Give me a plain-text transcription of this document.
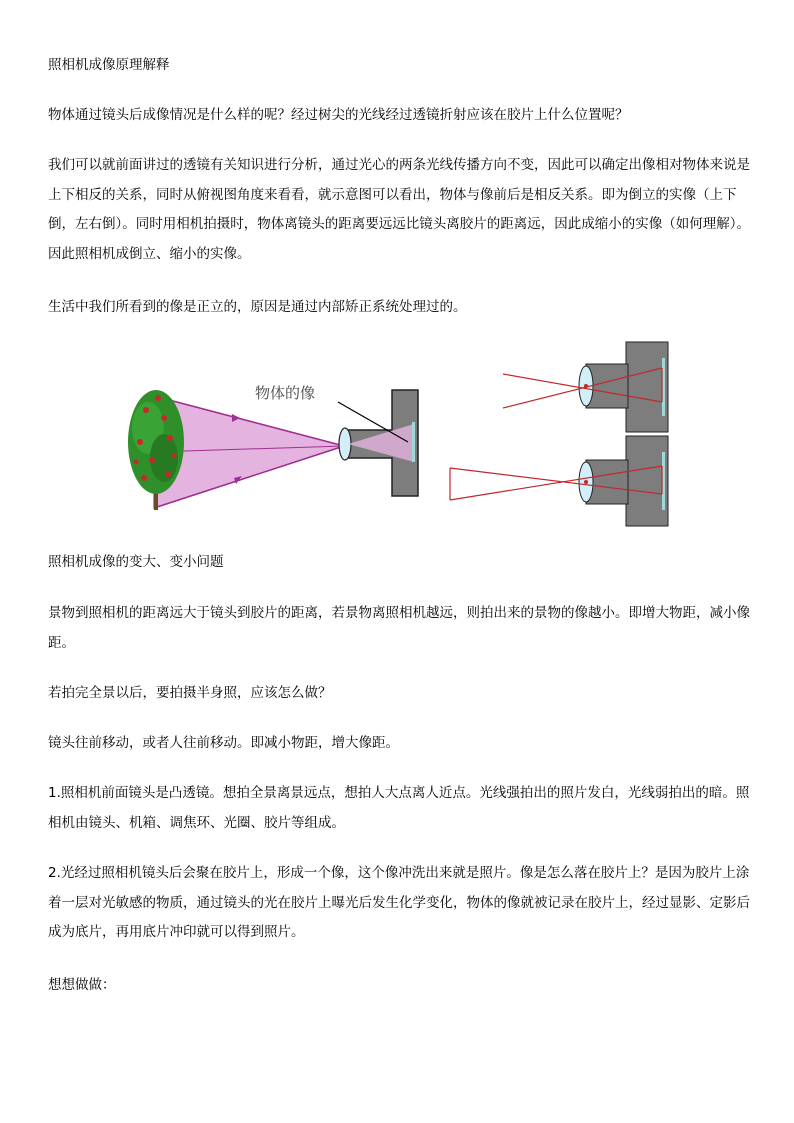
照相机成像原理解释

物体通过镜头后成像情况是什么样的呢？经过树尖的光线经过透镜折射应该在胶片上什么位置呢？

我们可以就前面讲过的透镜有关知识进行分析，通过光心的两条光线传播方向不变，因此可以确定出像相对物体来说是上下相反的关系，同时从俯视图角度来看看，就示意图可以看出，物体与像前后是相反关系。即为倒立的实像（上下倒，左右倒）。同时用相机拍摄时，物体离镜头的距离要远远比镜头离胶片的距离远，因此成缩小的实像（如何理解）。因此照相机成倒立、缩小的实像。

生活中我们所看到的像是正立的，原因是通过内部矫正系统处理过的。

物体的像

照相机成像的变大、变小问题

景物到照相机的距离远大于镜头到胶片的距离，若景物离照相机越远，则拍出来的景物的像越小。即增大物距，减小像距。

若拍完全景以后，要拍摄半身照，应该怎么做？

镜头往前移动，或者人往前移动。即减小物距，增大像距。

1.照相机前面镜头是凸透镜。想拍全景离景远点，想拍人大点离人近点。光线强拍出的照片发白，光线弱拍出的暗。照相机由镜头、机箱、调焦环、光圈、胶片等组成。

2.光经过照相机镜头后会聚在胶片上，形成一个像，这个像冲洗出来就是照片。像是怎么落在胶片上？是因为胶片上涂着一层对光敏感的物质，通过镜头的光在胶片上曝光后发生化学变化，物体的像就被记录在胶片上，经过显影、定影后成为底片，再用底片冲印就可以得到照片。

想想做做：
